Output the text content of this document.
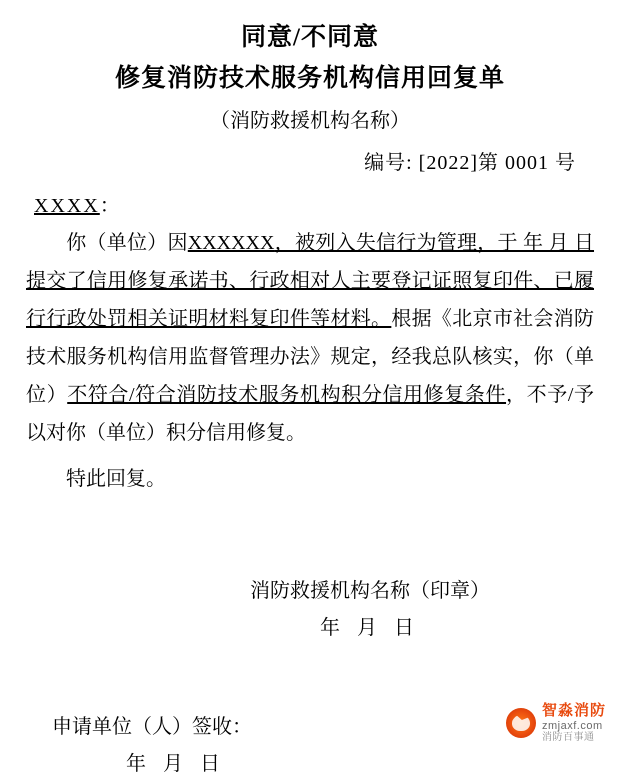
同意/不同意
修复消防技术服务机构信用回复单
（消防救援机构名称）
编号: [2022]第 0001 号
XXXX：
你（单位）因XXXXXX，被列入失信行为管理，于 年 月 日提交了信用修复承诺书、行政相对人主要登记证照复印件、已履行行政处罚相关证明材料复印件等材料。根据《北京市社会消防技术服务机构信用监督管理办法》规定，经我总队核实，你（单位）不符合/符合消防技术服务机构积分信用修复条件，不予/予以对你（单位）积分信用修复。
特此回复。
消防救援机构名称（印章）
年 月 日
申请单位（人）签收：
年 月 日
智淼消防
zmjaxf.com
消防百事通
